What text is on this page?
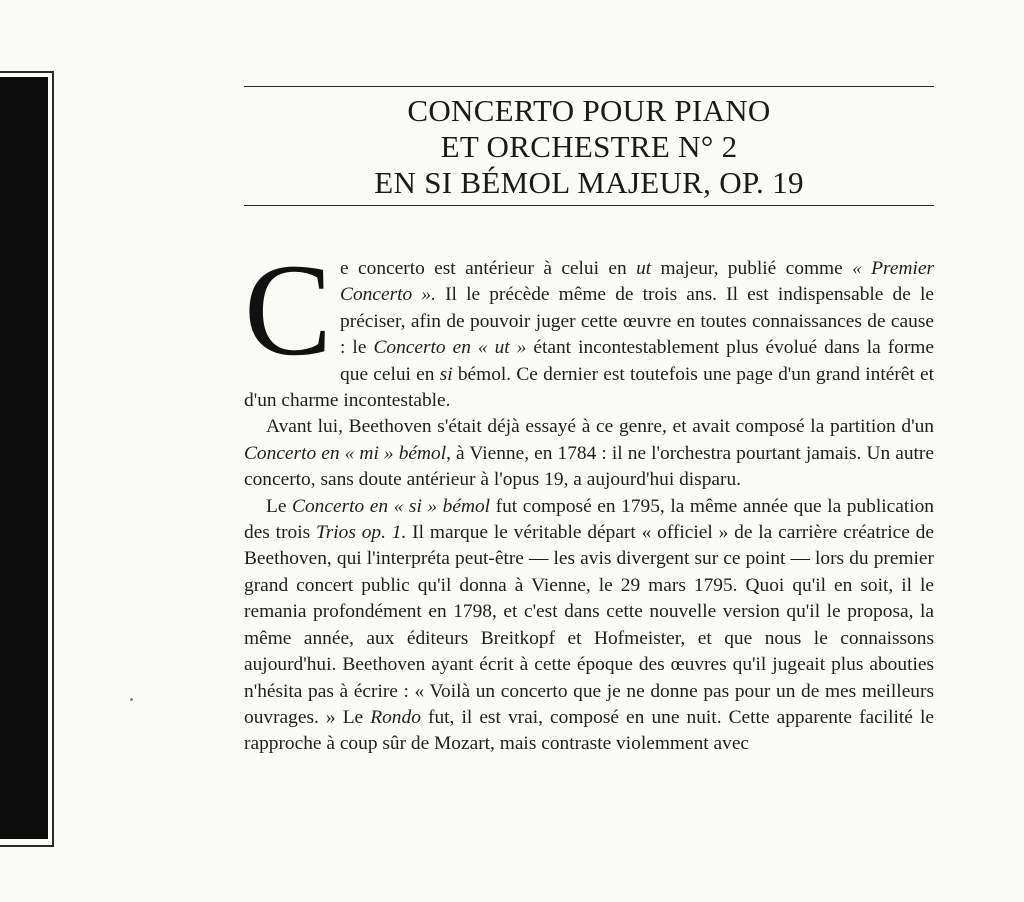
CONCERTO POUR PIANO
ET ORCHESTRE N° 2
EN SI BÉMOL MAJEUR, OP. 19

Ce concerto est antérieur à celui en ut majeur, publié comme « Premier Concerto ». Il le précède même de trois ans. Il est indispensable de le préciser, afin de pouvoir juger cette œuvre en toutes connaissances de cause : le Concerto en « ut » étant incontestablement plus évolué dans la forme que celui en si bémol. Ce dernier est toutefois une page d'un grand intérêt et d'un charme incontestable.

Avant lui, Beethoven s'était déjà essayé à ce genre, et avait composé la partition d'un Concerto en « mi » bémol, à Vienne, en 1784 : il ne l'orchestra pourtant jamais. Un autre concerto, sans doute antérieur à l'opus 19, a aujourd'hui disparu.

Le Concerto en « si » bémol fut composé en 1795, la même année que la publication des trois Trios op. 1. Il marque le véritable départ « officiel » de la carrière créatrice de Beethoven, qui l'interpréta peut-être — les avis divergent sur ce point — lors du premier grand concert public qu'il donna à Vienne, le 29 mars 1795. Quoi qu'il en soit, il le remania profondément en 1798, et c'est dans cette nouvelle version qu'il le proposa, la même année, aux éditeurs Breitkopf et Hofmeister, et que nous le connaissons aujourd'hui. Beethoven ayant écrit à cette époque des œuvres qu'il jugeait plus abouties n'hésita pas à écrire : « Voilà un concerto que je ne donne pas pour un de mes meilleurs ouvrages. » Le Rondo fut, il est vrai, composé en une nuit. Cette apparente facilité le rapproche à coup sûr de Mozart, mais contraste violemment avec
